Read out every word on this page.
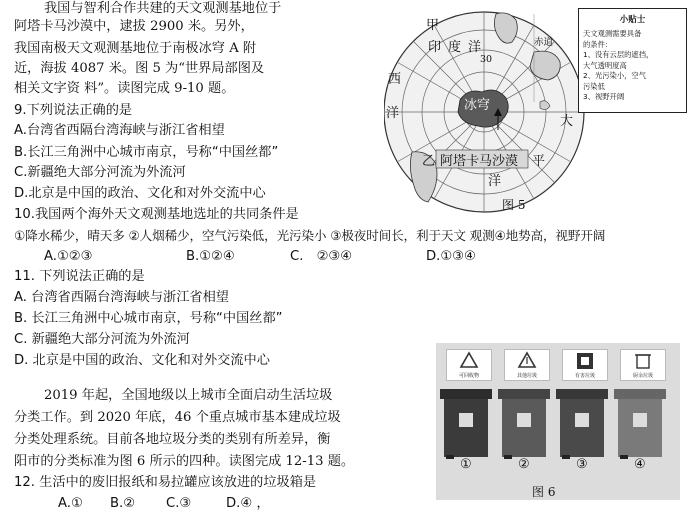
我国与智利合作共建的天文观测基地位于
阿塔卡马沙漠中，逮拔 2900 米。另外，
我国南极天文观测基地位于南极冰穹 A 附
近，海拔 4087 米。图 5 为“世界局部图及
相关文字资 料”。读图完成 9-10 题。
9.下列说法正确的是
A.台湾省西隔台湾海峡与浙江省相望
B.长江三角洲中心城市南京，号称“中国丝都”
C.新疆绝大部分河流为外流河
D.北京是中国的政治、文化和对外交流中心
10.我国两个海外天文观测基地选址的共同条件是
①降水稀少，晴天多 ②人烟稀少，空气污染低，光污染小 ③极夜时间长，利于天文 观测④地势高，视野开阔
A.①②③	B.①②④	C.　②③④	D.①③④
11. 下列说法正确的是
A. 台湾省西隔台湾海峡与浙江省相望
B. 长江三角洲中心城市南京，号称“中国丝都”
C. 新疆绝大部分河流为外流河
D. 北京是中国的政治、文化和对外交流中心
2019 年起，全国地级以上城市全面启动生活垃圾
分类工作。到 2020 年底，46 个重点城市基本建成垃圾
分类处理系统。目前各地垃圾分类的类别有所差异，衡
阳市的分类标准为图 6 所示的四种。读图完成 12-13 题。
12. 生活中的废旧报纸和易拉罐应该放进的垃圾箱是
A.① B.② C.③	D.④ ，
甲
印 度 洋	赤道
30
西
洋
冰穹
大
乙 阿塔卡马沙漠 平
洋
图 5
小贴士
天文观测需要具备
的条件：
1、没有云层的遮挡，
大气透明度高
2、光污染小，空气
污染低
3、视野开阔
可回收物	其他垃圾	有害垃圾	厨余垃圾
①	②	③	④
图 6
